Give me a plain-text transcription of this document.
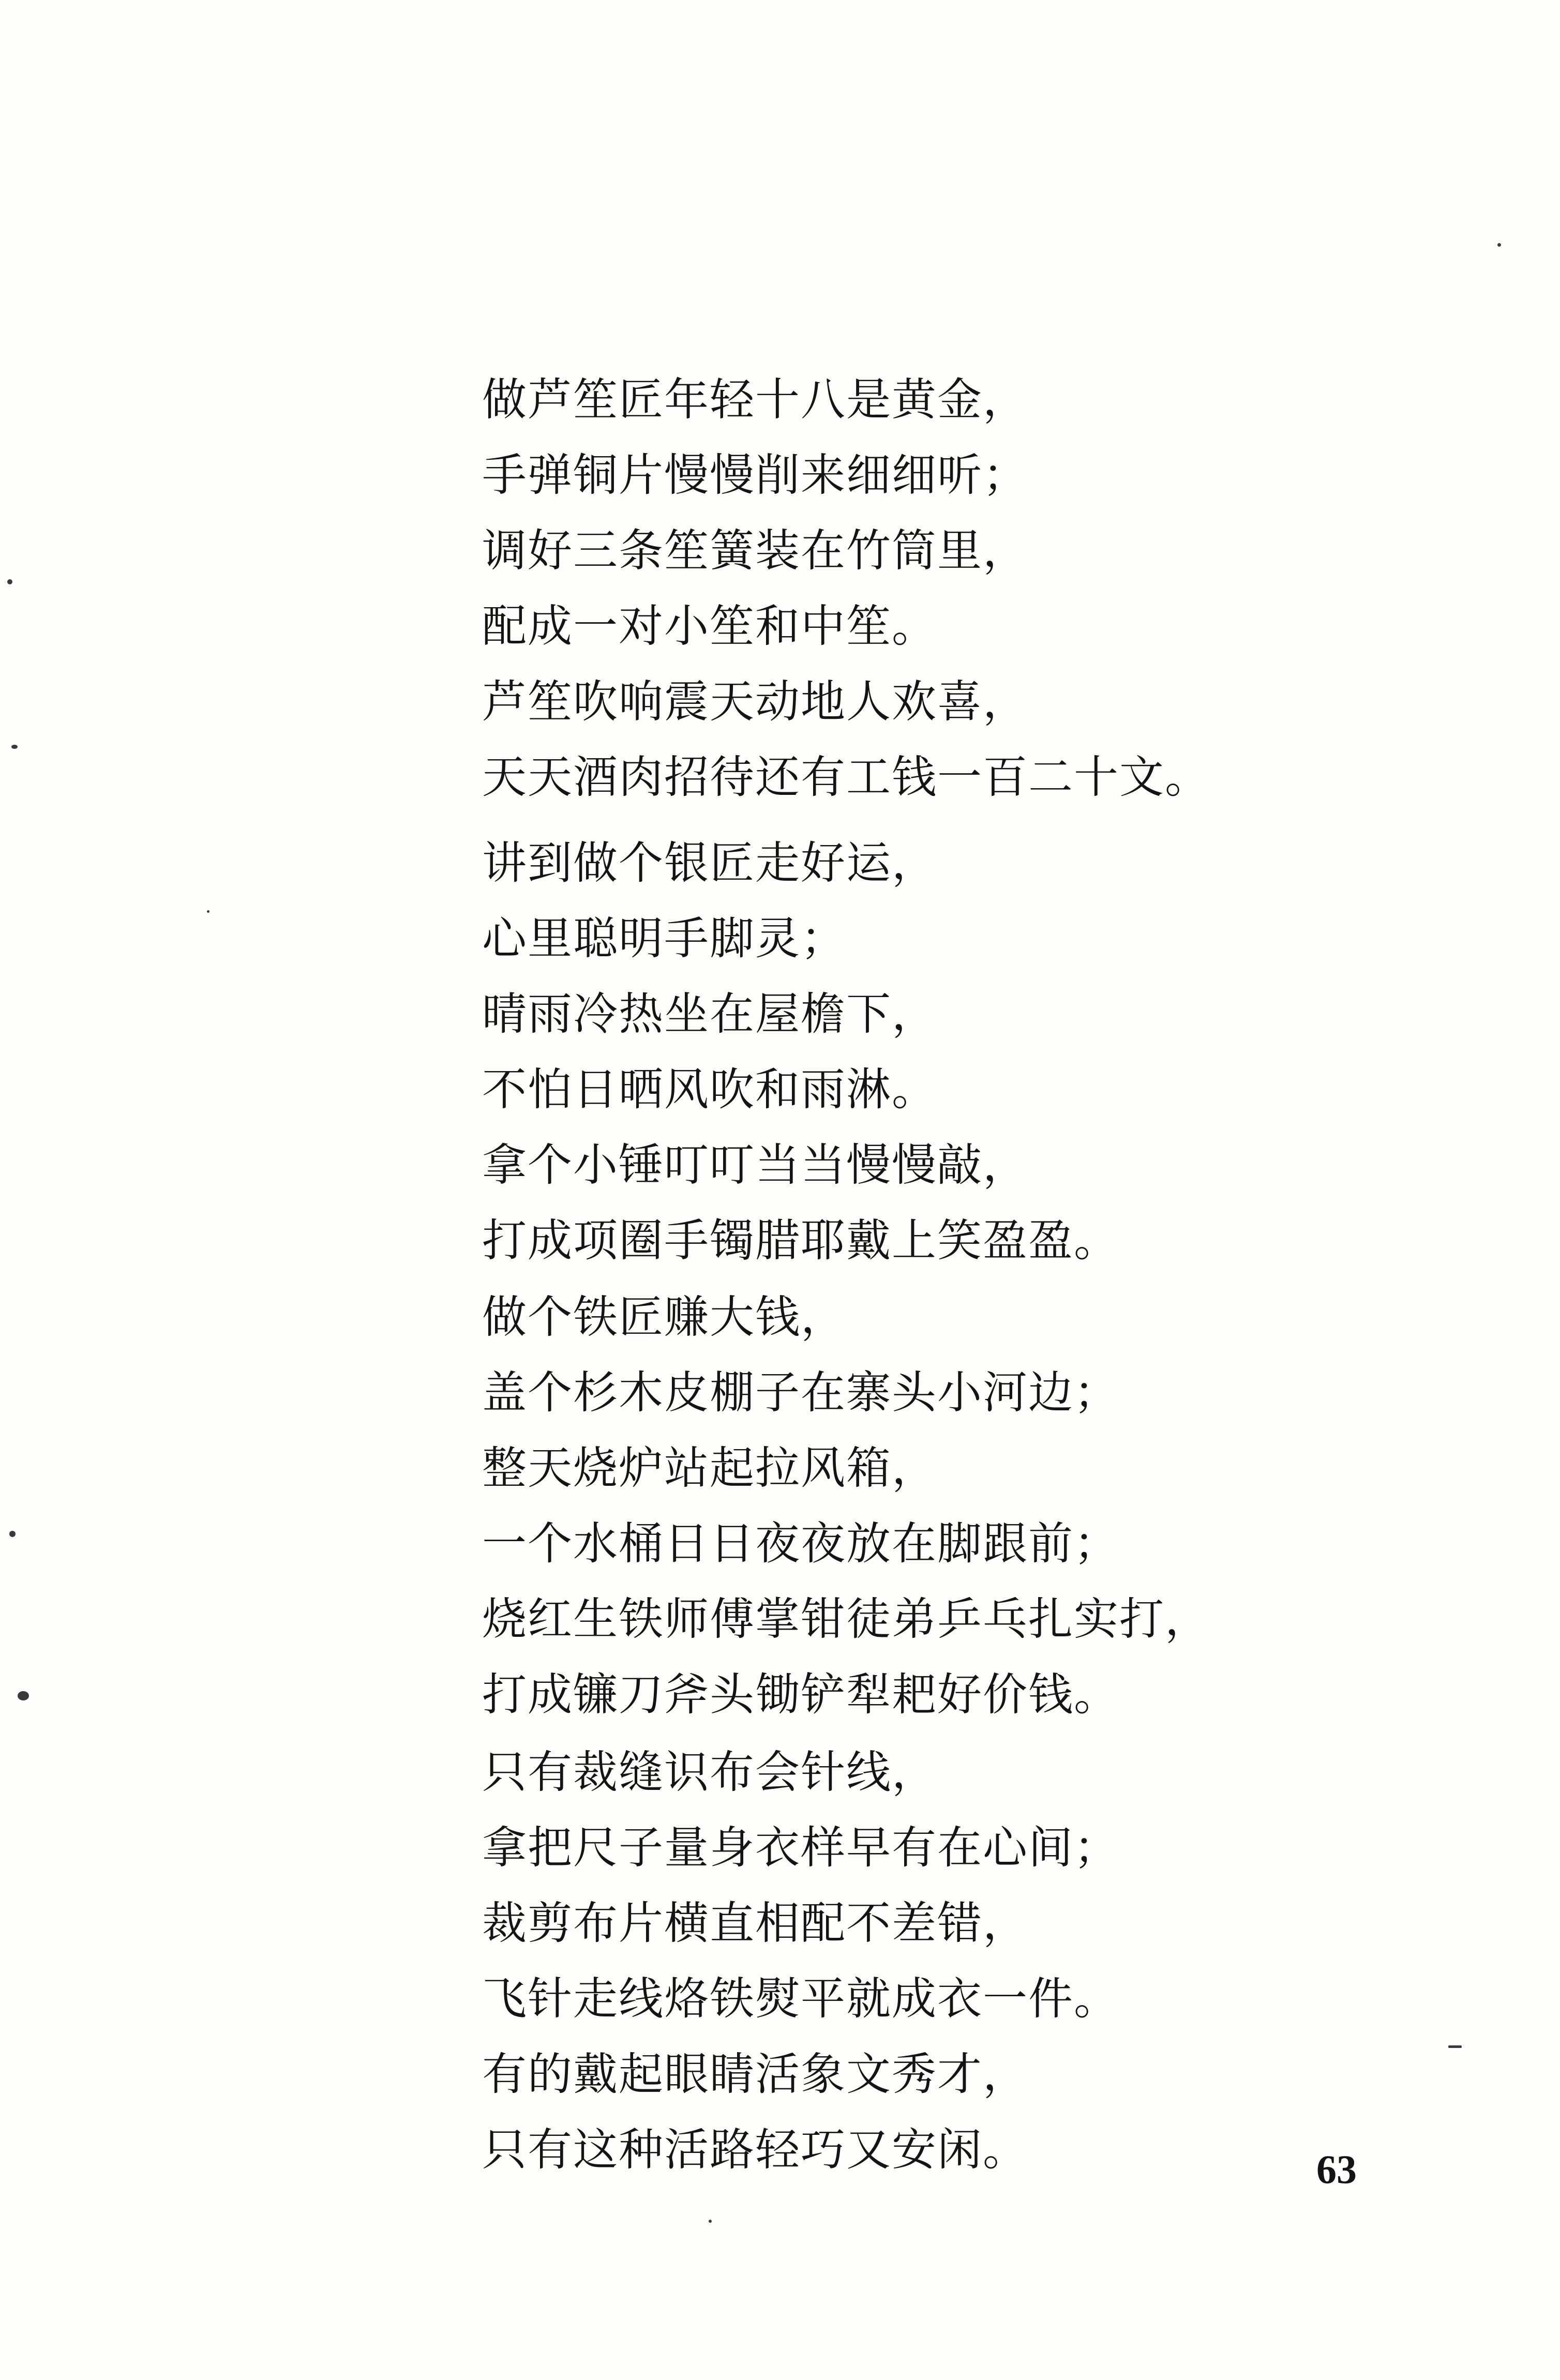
做芦笙匠年轻十八是黄金，
手弹铜片慢慢削来细细听；
调好三条笙簧装在竹筒里，
配成一对小笙和中笙。
芦笙吹响震天动地人欢喜，
天天酒肉招待还有工钱一百二十文。
讲到做个银匠走好运，
心里聪明手脚灵；
晴雨冷热坐在屋檐下，
不怕日晒风吹和雨淋。
拿个小锤叮叮当当慢慢敲，
打成项圈手镯腊耶戴上笑盈盈。
做个铁匠赚大钱，
盖个杉木皮棚子在寨头小河边；
整天烧炉站起拉风箱，
一个水桶日日夜夜放在脚跟前；
烧红生铁师傅掌钳徒弟乒乓扎实打，
打成镰刀斧头锄铲犁耙好价钱。
只有裁缝识布会针线，
拿把尺子量身衣样早有在心间；
裁剪布片横直相配不差错，
飞针走线烙铁熨平就成衣一件。
有的戴起眼睛活象文秀才，
只有这种活路轻巧又安闲。	63
